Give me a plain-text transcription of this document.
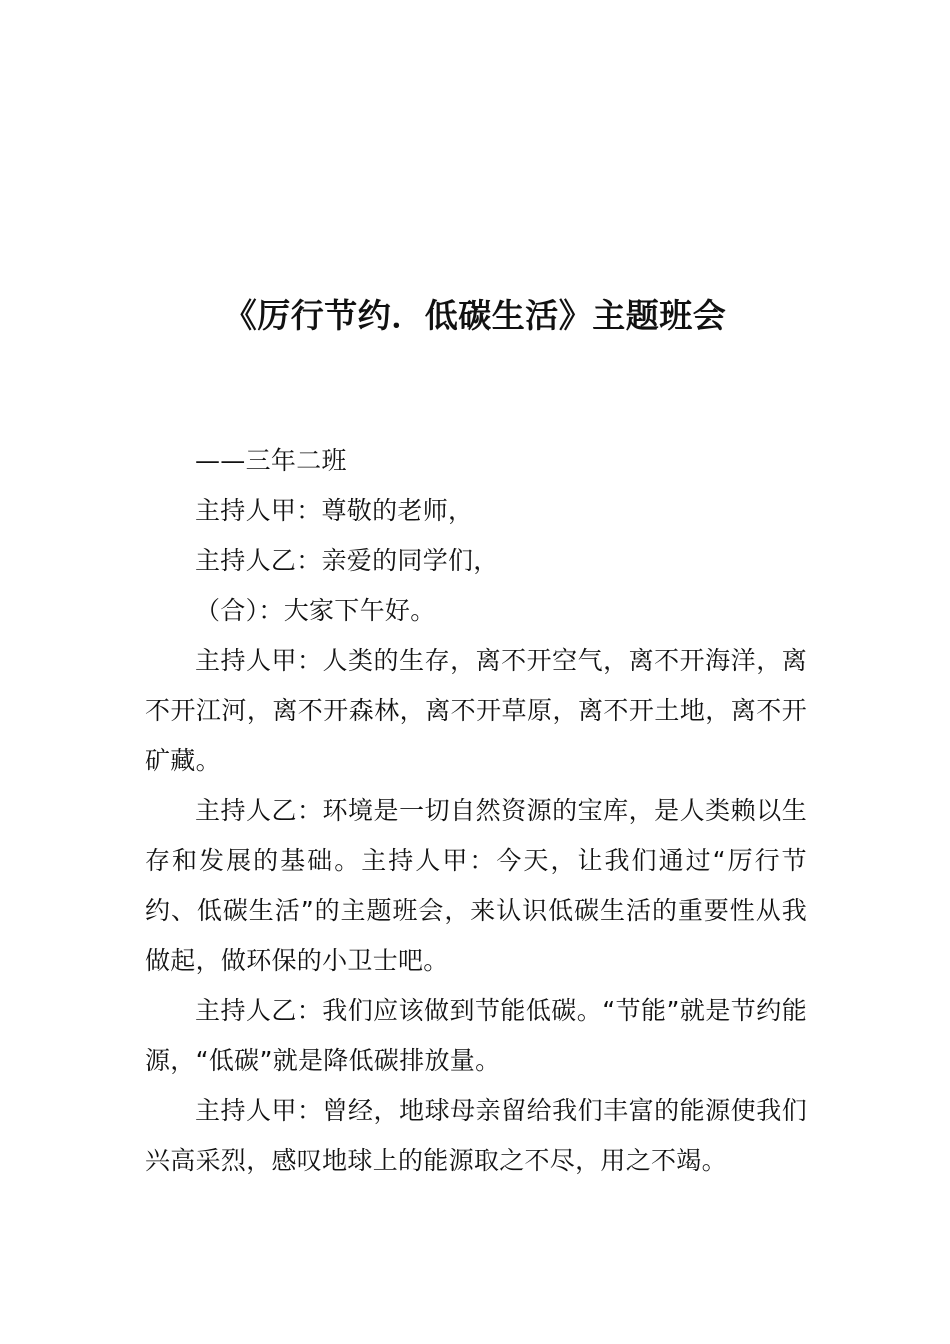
《厉行节约．低碳生活》主题班会

——三年二班

主持人甲：尊敬的老师，

主持人乙：亲爱的同学们，

（合）：大家下午好。

主持人甲：人类的生存，离不开空气，离不开海洋，离不开江河，离不开森林，离不开草原，离不开土地，离不开矿藏。

主持人乙：环境是一切自然资源的宝库，是人类赖以生存和发展的基础。主持人甲：今天，让我们通过“厉行节约、低碳生活”的主题班会，来认识低碳生活的重要性从我做起，做环保的小卫士吧。

主持人乙：我们应该做到节能低碳。“节能”就是节约能源，“低碳”就是降低碳排放量。

主持人甲：曾经，地球母亲留给我们丰富的能源使我们兴高采烈，感叹地球上的能源取之不尽，用之不竭。
